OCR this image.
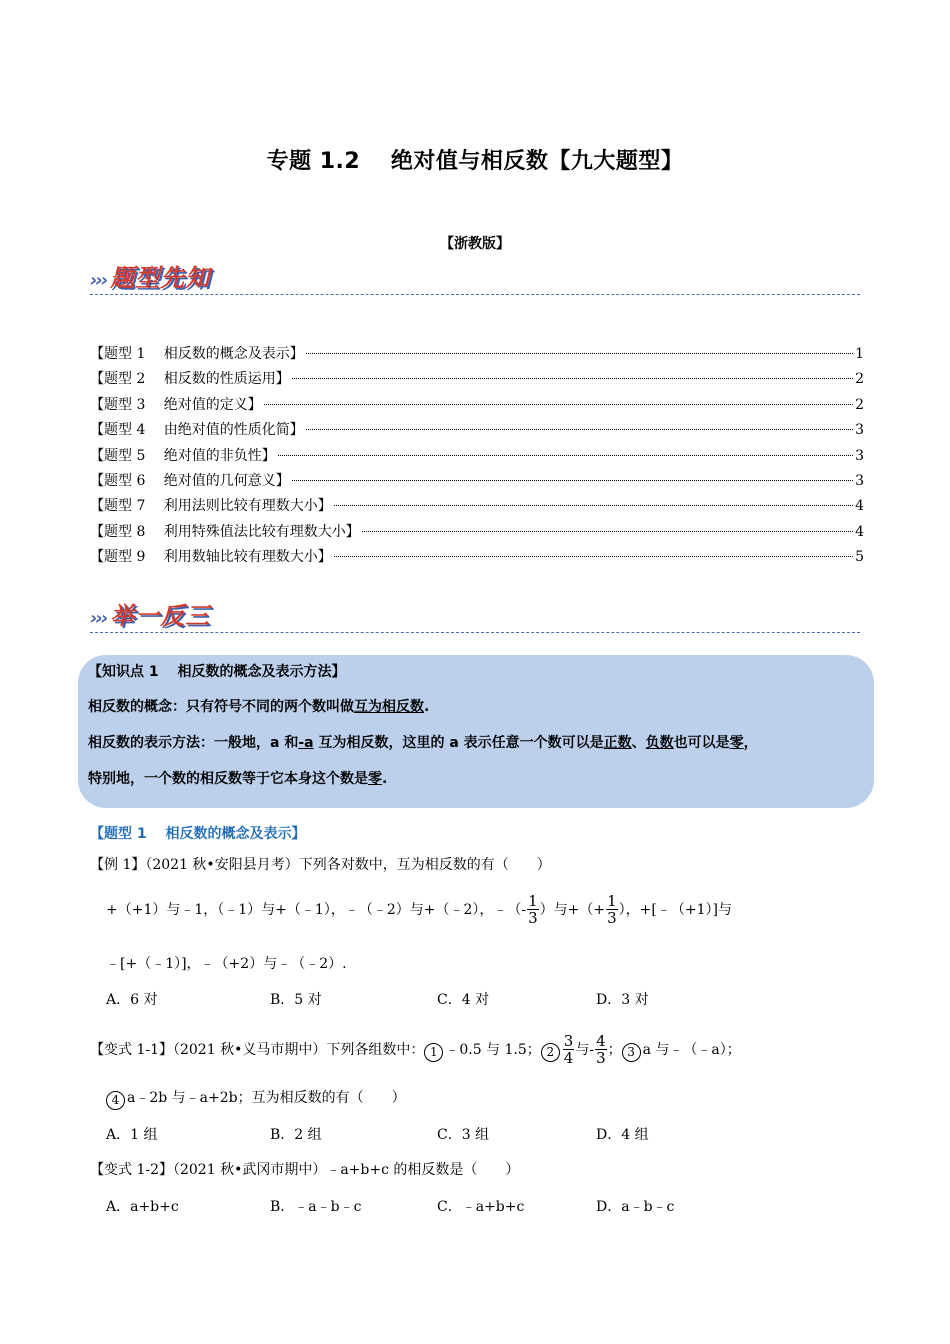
专题 1.2　 绝对值与相反数【九大题型】
【浙教版】
››› 题型先知
【题型 1　 相反数的概念及表示】	1
【题型 2　 相反数的性质运用】	2
【题型 3　 绝对值的定义】	2
【题型 4　 由绝对值的性质化简】	3
【题型 5　 绝对值的非负性】	3
【题型 6　 绝对值的几何意义】	3
【题型 7　 利用法则比较有理数大小】	4
【题型 8　 利用特殊值法比较有理数大小】	4
【题型 9　 利用数轴比较有理数大小】	5
››› 举一反三
【知识点 1　 相反数的概念及表示方法】
相反数的概念：只有符号不同的两个数叫做互为相反数.
相反数的表示方法：一般地，a 和-a 互为相反数，这里的 a 表示任意一个数可以是正数、负数也可以是零，
特别地，一个数的相反数等于它本身这个数是零.
【题型 1　 相反数的概念及表示】
【例 1】（2021 秋•安阳县月考）下列各对数中，互为相反数的有（　　）
+（+1）与﹣1，（﹣1）与+（﹣1），﹣（﹣2）与+（﹣2），﹣（- $\frac{1}{3}$ ）与+（+ $\frac{1}{3}$ ），+[﹣（+1）]与
﹣[+（﹣1）]，﹣（+2）与﹣（﹣2）.
A．6 对	B．5 对	C．4 对	D．3 对
【变式 1-1】（2021 秋•义马市期中）下列各组数中： 1 ﹣0.5 与 1.5； $2 \frac{3}{4}$ 与- $\frac{4}{3}$ ； 3 a 与﹣（﹣a）；
4 a﹣2b 与﹣a+2b；互为相反数的有（　　）
A．1 组	B．2 组	C．3 组	D．4 组
【变式 1-2】（2021 秋•武冈市期中）﹣a+b+c 的相反数是（　　）
A．a+b+c	B．﹣a﹣b﹣c	C．﹣a+b+c	D．a﹣b﹣c
